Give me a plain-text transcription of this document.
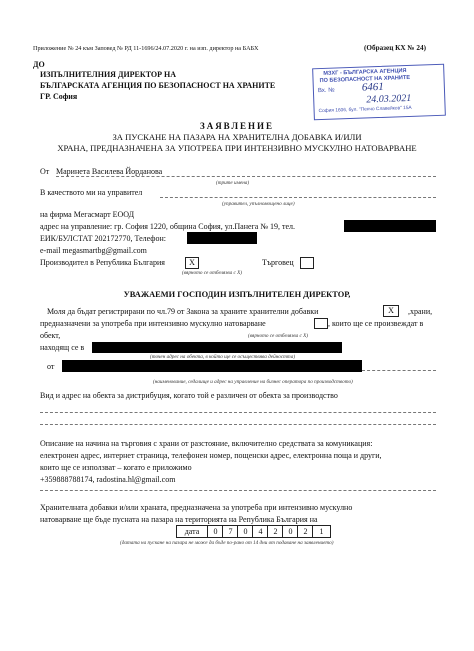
Приложение № 24 към Заповед № РД 11-1696/24.07.2020 г. на изп. директор на БАБХ	(Образец КХ № 24)
ДО
ИЗПЪЛНИТЕЛНИЯ ДИРЕКТОР НА
БЪЛГАРСКАТА АГЕНЦИЯ ПО БЕЗОПАСНОСТ НА ХРАНИТЕ
ГР. София
МЗХГ - БЪЛГАРСКА АГЕНЦИЯ
ПО БЕЗОПАСНОСТ НА ХРАНИТЕ
Вх. № 6461
24.03.2021
София 1606, бул. "Пенчо Славейков" 15А
ЗАЯВЛЕНИЕ
ЗА ПУСКАНЕ НА ПАЗАРА НА ХРАНИТЕЛНА ДОБАВКА И/ИЛИ
ХРАНА, ПРЕДНАЗНАЧЕНА ЗА УПОТРЕБА ПРИ ИНТЕНЗИВНО МУСКУЛНО НАТОВАРВАНЕ
От Маринета Василева Йорданова
(трите имена)
В качеството ми на управител
(управител, упълномощено лице)
на фирма Мегасмарт ЕООД
адрес на управление: гр. София 1220, община София, ул.Панега № 19, тел.
ЕИК/БУЛСТАТ 202172770, Телефон:
e-mail megasmartbg@gmail.com
Производител в Република България	X	Търговец
(вярното се отбелязва с Х)
УВАЖАЕМИ ГОСПОДИН ИЗПЪЛНИТЕЛЕН ДИРЕКТОР,
Моля да бъдат регистрирани по чл.79 от Закона за храните хранителни добавки	X	,храни,
предназначени за употреба при интензивно мускулно натоварване	, които ще се произвеждат в
обект,	(вярното се отбелязва с Х)
находящ се в
(точен адрес на обекта, в който ще се осъществява дейността)
от
(наименование, седалище и адрес на управление на бизнес оператора по производството)
Вид и адрес на обекта за дистрибуция, когато той е различен от обекта за производство
Описание на начина на търговия с храни от разстояние, включително средствата за комуникация:
електронен адрес, интернет страница, телефонен номер, пощенски адрес, електронна поща и други,
които ще се използват – когато е приложимо
+359888788174, radostina.hl@gmail.com
Хранителната добавки и/или храната, предназначена за употреба при интензивно мускулно
натоварване ще бъде пусната на пазара на територията на Република България на
дата	0	7	0	4	2	0	2	1
(датата на пускане на пазара не може да бъде по-рано от 14 дни от подаване на заявлението)
